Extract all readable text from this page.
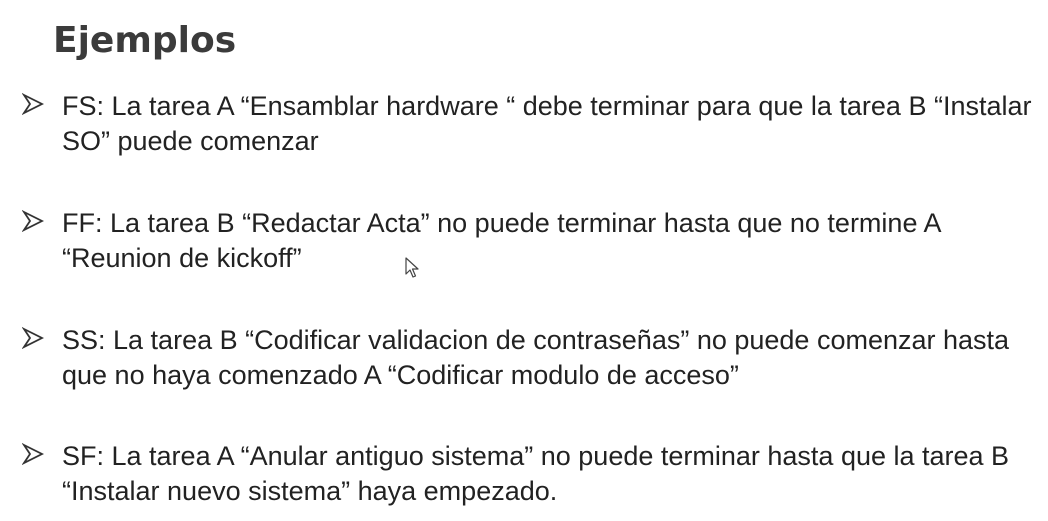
Ejemplos
FS: La tarea A “Ensamblar hardware “ debe terminar para que la tarea B “Instalar SO” puede comenzar
FF: La tarea B “Redactar Acta” no puede terminar hasta que no termine A “Reunion de kickoff”
SS: La tarea B “Codificar validacion de contraseñas” no puede comenzar hasta que no haya comenzado A “Codificar modulo de acceso”
SF: La tarea A “Anular antiguo sistema” no puede terminar hasta que la tarea B “Instalar nuevo sistema” haya empezado.
